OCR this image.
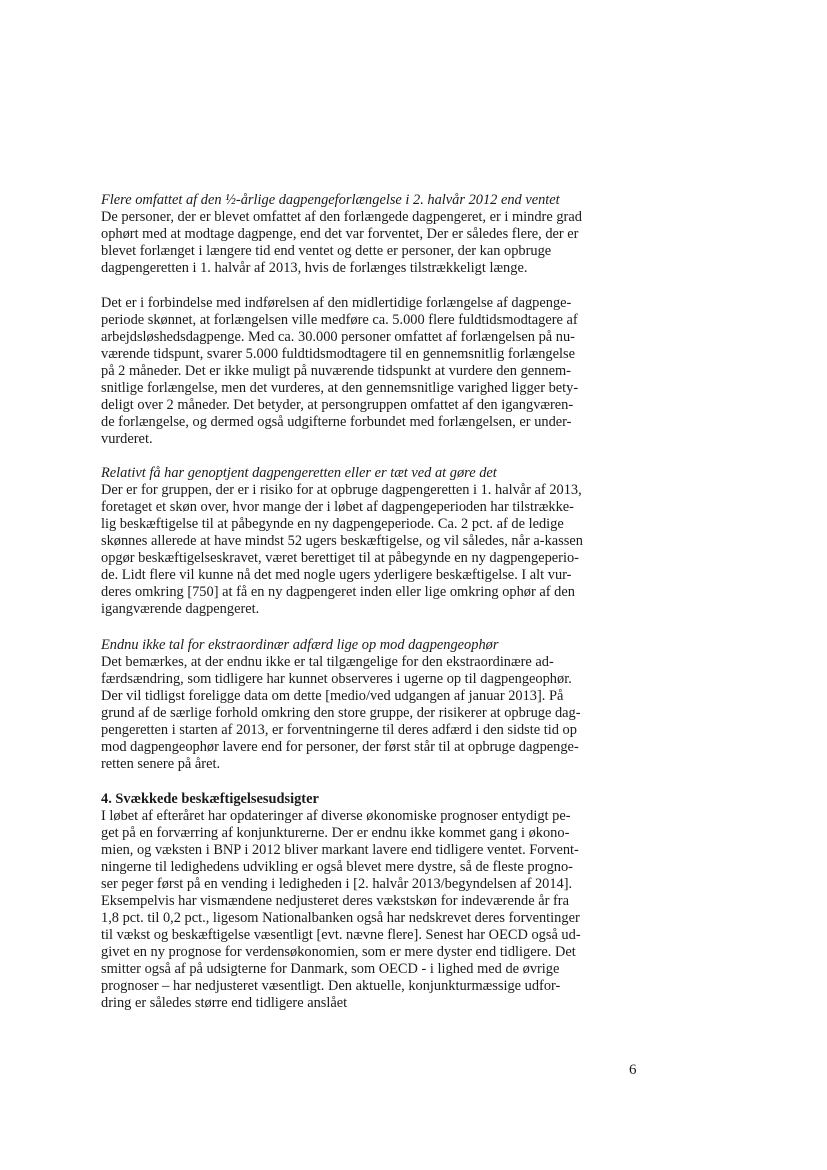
Flere omfattet af den ½-årlige dagpengeforlængelse i 2. halvår 2012 end ventet
De personer, der er blevet omfattet af den forlængede dagpengeret, er i mindre grad
ophørt med at modtage dagpenge, end det var forventet, Der er således flere, der er
blevet forlænget i længere tid end ventet og dette er personer, der kan opbruge
dagpengeretten i 1. halvår af 2013, hvis de forlænges tilstrækkeligt længe.
Det er i forbindelse med indførelsen af den midlertidige forlængelse af dagpenge-
periode skønnet, at forlængelsen ville medføre ca. 5.000 flere fuldtidsmodtagere af
arbejdsløshedsdagpenge. Med ca. 30.000 personer omfattet af forlængelsen på nu-
værende tidspunt, svarer 5.000 fuldtidsmodtagere til en gennemsnitlig forlængelse
på 2 måneder. Det er ikke muligt på nuværende tidspunkt at vurdere den gennem-
snitlige forlængelse, men det vurderes, at den gennemsnitlige varighed ligger bety-
deligt over 2 måneder. Det betyder, at persongruppen omfattet af den igangværen-
de forlængelse, og dermed også udgifterne forbundet med forlængelsen, er under-
vurderet.
Relativt få har genoptjent dagpengeretten eller er tæt ved at gøre det
Der er for gruppen, der er i risiko for at opbruge dagpengeretten i 1. halvår af 2013,
foretaget et skøn over, hvor mange der i løbet af dagpengeperioden har tilstrække-
lig beskæftigelse til at påbegynde en ny dagpengeperiode. Ca. 2 pct. af de ledige
skønnes allerede at have mindst 52 ugers beskæftigelse, og vil således, når a-kassen
opgør beskæftigelseskravet, været berettiget til at påbegynde en ny dagpengeperio-
de. Lidt flere vil kunne nå det med nogle ugers yderligere beskæftigelse. I alt vur-
deres omkring [750] at få en ny dagpengeret inden eller lige omkring ophør af den
igangværende dagpengeret.
Endnu ikke tal for ekstraordinær adfærd lige op mod dagpengeophør
Det bemærkes, at der endnu ikke er tal tilgængelige for den ekstraordinære ad-
færdsændring, som tidligere har kunnet observeres i ugerne op til dagpengeophør.
Der vil tidligst foreligge data om dette [medio/ved udgangen af januar 2013]. På
grund af de særlige forhold omkring den store gruppe, der risikerer at opbruge dag-
pengeretten i starten af 2013, er forventningerne til deres adfærd i den sidste tid op
mod dagpengeophør lavere end for personer, der først står til at opbruge dagpenge-
retten senere på året.
4. Svækkede beskæftigelsesudsigter
I løbet af efteråret har opdateringer af diverse økonomiske prognoser entydigt pe-
get på en forværring af konjunkturerne. Der er endnu ikke kommet gang i økono-
mien, og væksten i BNP i 2012 bliver markant lavere end tidligere ventet. Forvent-
ningerne til ledighedens udvikling er også blevet mere dystre, så de fleste progno-
ser peger først på en vending i ledigheden i [2. halvår 2013/begyndelsen af 2014].
Eksempelvis har vismændene nedjusteret deres vækstskøn for indeværende år fra
1,8 pct. til 0,2 pct., ligesom Nationalbanken også har nedskrevet deres forventinger
til vækst og beskæftigelse væsentligt [evt. nævne flere]. Senest har OECD også ud-
givet en ny prognose for verdensøkonomien, som er mere dyster end tidligere. Det
smitter også af på udsigterne for Danmark, som OECD - i lighed med de øvrige
prognoser – har nedjusteret væsentligt. Den aktuelle, konjunkturmæssige udfor-
dring er således større end tidligere anslået
6
